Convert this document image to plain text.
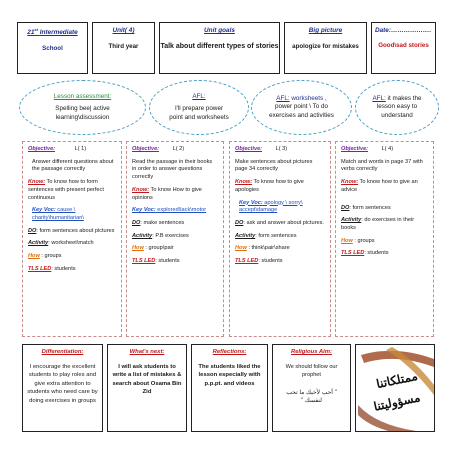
21st Intermediate
School
Unit( 4)
Third year
Unit goals
Talk about different types of stories
Big picture
apologize for mistakes
Date:……………….
Good\sad stories
Lesson assessment:
Spelling bee| active
learning\discussion
AFL:
I'll prepare power
point and worksheets
AFL: worksheets ,
power point \ To do
exercises and activities
AFL: it makes the
lesson easy to
understand

Objective:	L( 1)

Answer different questions about the passage correctly

Know: To know how to form sentences with present perfect continuous

Key Voc: cause \ charity\humanitarian\

DO: form sentences about pictures

Activity: worksheet\match

How : groups

TLS LED: students

Objective: L( 2)

Read the passage in their books in order to answer questions correctly

Know: To know How to give opinions

Key Voc: explored\lack\motor

DO: make sentences

Activity: P.B exercises

How : group\pair

TLS LED: students

Objective: L( 3)

Make sentences about pictures page 34 correctly

Know: To know how to give apologies

Key Voc: apology \ sorry\ accept\damage

DO: ask and answer about pictures.

Activity: form sentences

How : think\pair\share

TLS LED: students

Objective: L( 4)

Match and words in page 37 with verbs correctly

Know: To know how to give an advice

DO: form sentences

Activity: do exercises in their books

How : groups

TLS LED: students

Differentiation:
I encourage the excellent students to play roles and give extra attention to students who need care by doing exercises in groups
What's next:
I will ask students to write a list of mistakes & search about Osama Bin Zid
Reflections:
The students liked the lesson especially with p.p.pt. and videos
Religious Aim:
We should follow our prophet
" أحب لأخيك ما تحب لنفسك "
ممتلكاتنا
مسؤوليتنا
